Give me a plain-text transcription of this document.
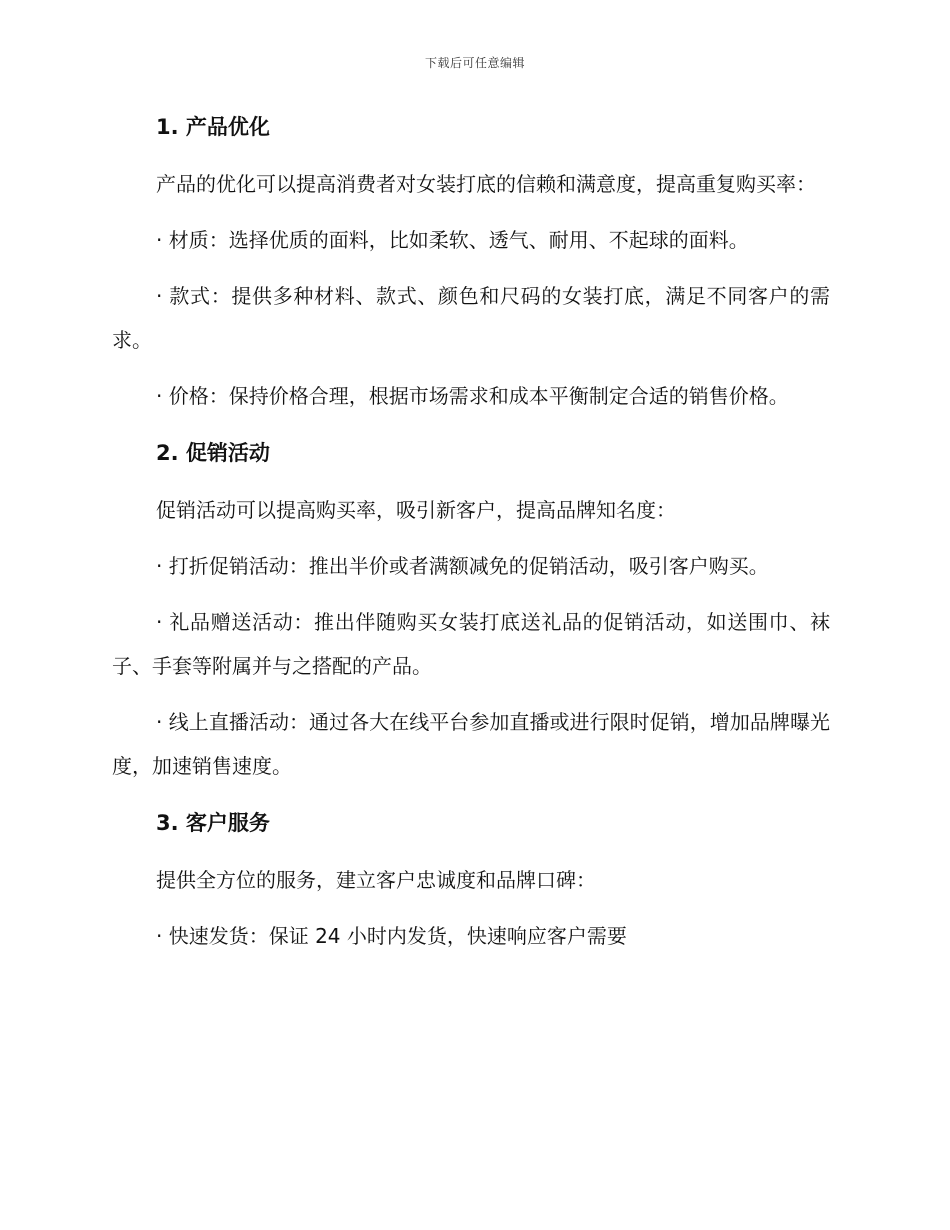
下载后可任意编辑
1. 产品优化

产品的优化可以提高消费者对女装打底的信赖和满意度，提高重复购买率：

· 材质：选择优质的面料，比如柔软、透气、耐用、不起球的面料。

· 款式：提供多种材料、款式、颜色和尺码的女装打底，满足不同客户的需求。

· 价格：保持价格合理，根据市场需求和成本平衡制定合适的销售价格。

2. 促销活动

促销活动可以提高购买率，吸引新客户，提高品牌知名度：

· 打折促销活动：推出半价或者满额减免的促销活动，吸引客户购买。

· 礼品赠送活动：推出伴随购买女装打底送礼品的促销活动，如送围巾、袜子、手套等附属并与之搭配的产品。

· 线上直播活动：通过各大在线平台参加直播或进行限时促销，增加品牌曝光度，加速销售速度。

3. 客户服务

提供全方位的服务，建立客户忠诚度和品牌口碑：

· 快速发货：保证 24 小时内发货，快速响应客户需要
